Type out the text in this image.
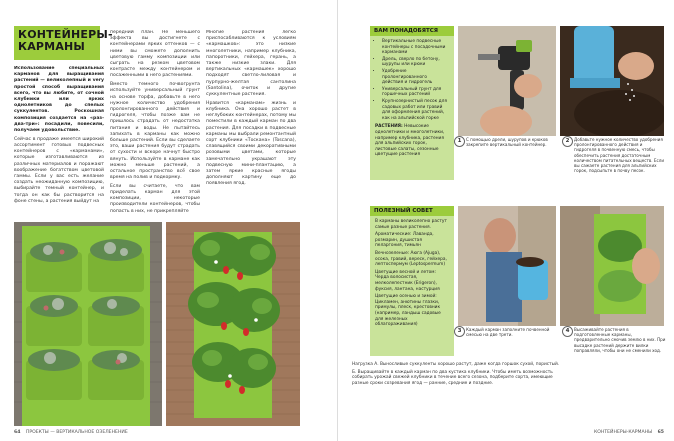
КОНТЕЙНЕРЫ-
КАРМАНЫ

Использование специальных карманов для выращивания растений — великолепный и very простой способ выращивания всего, что вы любите, от сочной клубники или ярких однолетников до спелых суккулентов. Роскошная композиция создается на «раз-два-три»: посадили, повесили, получаем удовольствие.

Сейчас в продаже имеется широкий ассортимент готовых подвесных контейнеров с «карманами», которые изготавливаются из различных материалов и поражают воображение богатством цветовой гаммы. Если у вас есть желание создать неожиданную композицию, выбирайте темный контейнер, и тогда он как бы растворится на фоне стены, а растения выйдут на

передний план. Не меньшего эффекта вы достигнете с контейнерами ярких оттенков — с ними вы сможете дополнить цветовую гамму композиции или сыграть на резком цветовом контрасте между контейнером и посаженными в него растениями.

Вместо темного почвогрунта используйте универсальный грунт на основе торфа, добавьте в него нужное количество удобрения пролонгированного действия и гидрогеля, чтобы позже вам не пришлось страдать от недостатка питания и воды. Не пытайтесь запихать в карманы как можно больше растений. Если вы сделаете это, ваши растения будут страдать от сухости и вскоре начнут быстро вянуть. Используйте в кармане как можно меньше растений, а остальное пространство всё свое время на полив и подкормку.

Если вы считаете, что вам приделать карман для этой композиции, некоторые производители контейнеров, чтобы попасть в них, не прикрепляйте

Многие растения легко приспосабливаются к условиям «кармашков»: это низкие многолетники, например клубника, папоротники, гейхера, герань, а также низкие злаки. Для вертикальных «кармашек» хорошо подходят светло-лиловая и пурпурно-желтая сантолина (Santolina), очиток и другие суккулентные растения.

Нравится «карманам» жизнь и клубника. Она хорошо растет в неглубоких контейнерах, потому мы поместили в каждый карман по два растения. Для посадки в подвесные карманы мы выбрали ремонтантный сорт клубники «Тоскана» (Toscana), славящийся своими декоративными розовыми цветами, которые замечательно украшают эту подвесную мини-плантацию, а затем яркие красные ягоды дополняют картину еще до появления ягод.

64 ПРОЕКТЫ — ВЕРТИКАЛЬНОЕ ОЗЕЛЕНЕНИЕ
ВАМ ПОНАДОБЯТСЯ
• Вертикальные подвесные контейнеры с посадочными карманами
• Дрель, сверло по бетону, шурупы или крюки
• Удобрение пролонгированного действия и гидрогель
• Универсальный грунт для горшечных растений
• Крупнозернистый песок для садовых работ или гравий для оформления растений, как на альпийской горке
РАСТЕНИЯ: Невысокие однолетники и многолетники, например клубника, растения для альпийских горок, листовые салаты, сезонные цветущие растения
1	С помощью дрели, шурупов и крюков закрепите вертикальный контейнер.
2	Добавьте нужное количество удобрения пролонгированного действия и гидрогеля в почвенную смесь, чтобы обеспечить растения достаточным количеством питательных веществ. Если вы сажаете растения для альпийских горок, подсыпьте в почву песок.
ПОЛЕЗНЫЙ СОВЕТ
В карманы великолепно растут самые разные растения.
Ароматические: Лаванда, розмарин, душистая пеларгония, тимьян
Вечнозеленые: Аюга (Ajuga), осока, гравий, вереск, гейхера, лептоспермум (Leptospermum)
Цветущие весной и летом: Черда волосистая, мелколепестник (Erigeron), фуксия, лантана, настурция
Цветущие осенью и зимой: Цикламен, анютины глазки, примулы, плеск, крестовник (например, ландыш садовые для железных облагораживания)
3	Каждый карман заполните почвенной смесью на две трети.
4	Высаживайте растения в подготовленные карманы, предварительно смочив землю в них. При высадке растений держите вилки поправляли, чтобы они не сменили ход.
Нагрузка А. Выносливые суккуленты хорошо растут, даже когда горшок сухой, пористый.
Б. Выращивайте в каждый карман по два кустика клубники. Чтобы иметь возможность собирать урожай свежей клубники в течение всего сезона, подберите сорта, имеющие разные сроки созревания ягод — ранние, средние и поздние.
КОНТЕЙНЕРЫ-КАРМАНЫ 65
